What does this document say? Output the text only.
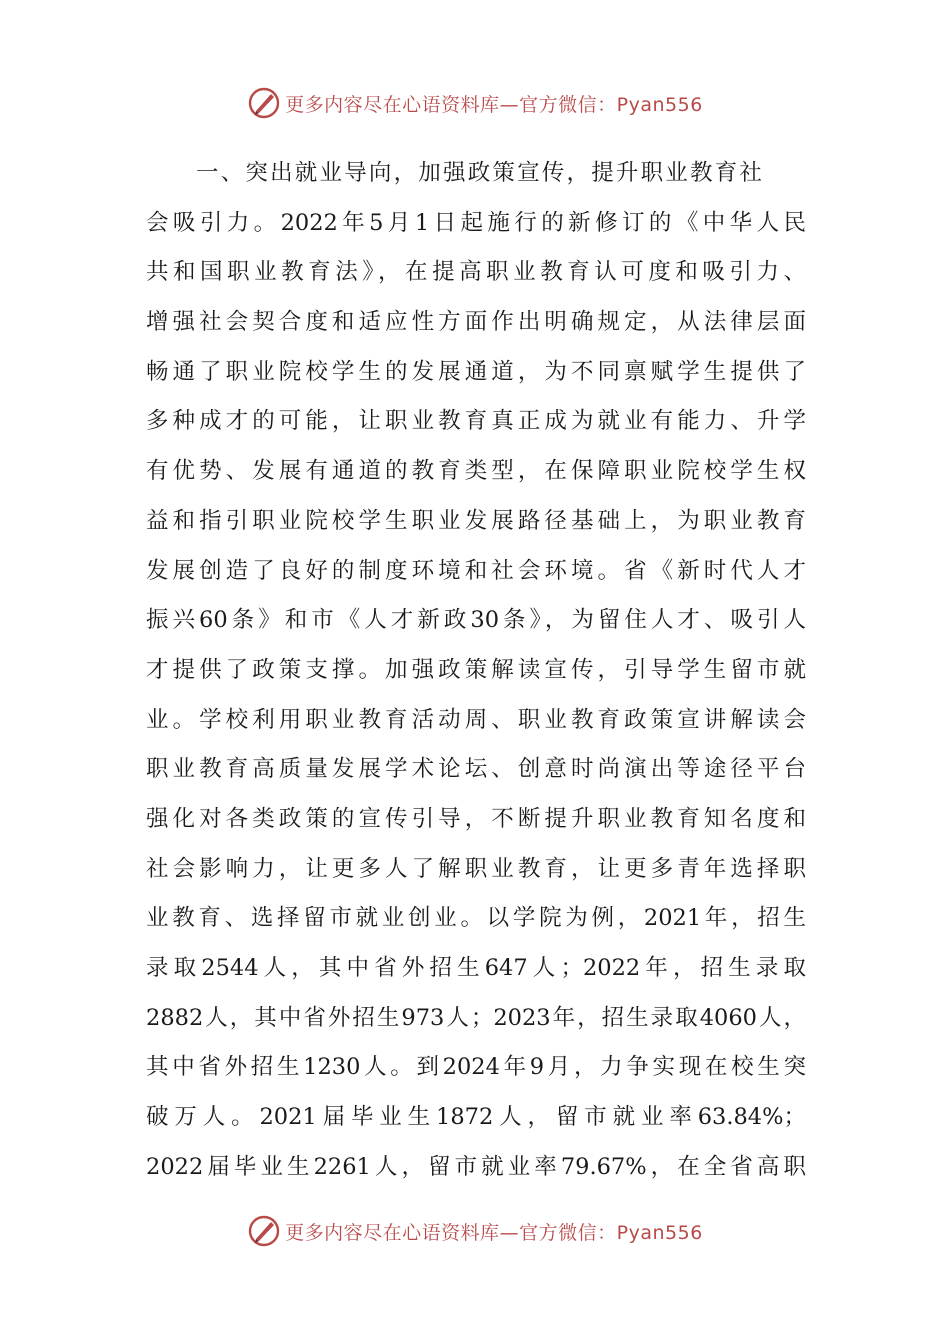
更多内容尽在心语资料库—官方微信：Pyan556
一、突出就业导向，加强政策宣传，提升职业教育社
会吸引力。2022年5月1日起施行的新修订的《中华人民
共和国职业教育法》，在提高职业教育认可度和吸引力、
增强社会契合度和适应性方面作出明确规定，从法律层面
畅通了职业院校学生的发展通道，为不同禀赋学生提供了
多种成才的可能，让职业教育真正成为就业有能力、升学
有优势、发展有通道的教育类型，在保障职业院校学生权
益和指引职业院校学生职业发展路径基础上，为职业教育
发展创造了良好的制度环境和社会环境。省《新时代人才
振兴60条》和市《人才新政30条》，为留住人才、吸引人
才提供了政策支撑。加强政策解读宣传，引导学生留市就
业。学校利用职业教育活动周、职业教育政策宣讲解读会
职业教育高质量发展学术论坛、创意时尚演出等途径平台
强化对各类政策的宣传引导，不断提升职业教育知名度和
社会影响力，让更多人了解职业教育，让更多青年选择职
业教育、选择留市就业创业。以学院为例，2021年，招生
录取2544人，其中省外招生647人；2022年，招生录取
2882人，其中省外招生973人；2023年，招生录取4060人，
其中省外招生1230人。到2024年9月，力争实现在校生突
破万人。2021届毕业生1872人，留市就业率63.84%；
2022届毕业生2261人，留市就业率79.67%，在全省高职
更多内容尽在心语资料库—官方微信：Pyan556
